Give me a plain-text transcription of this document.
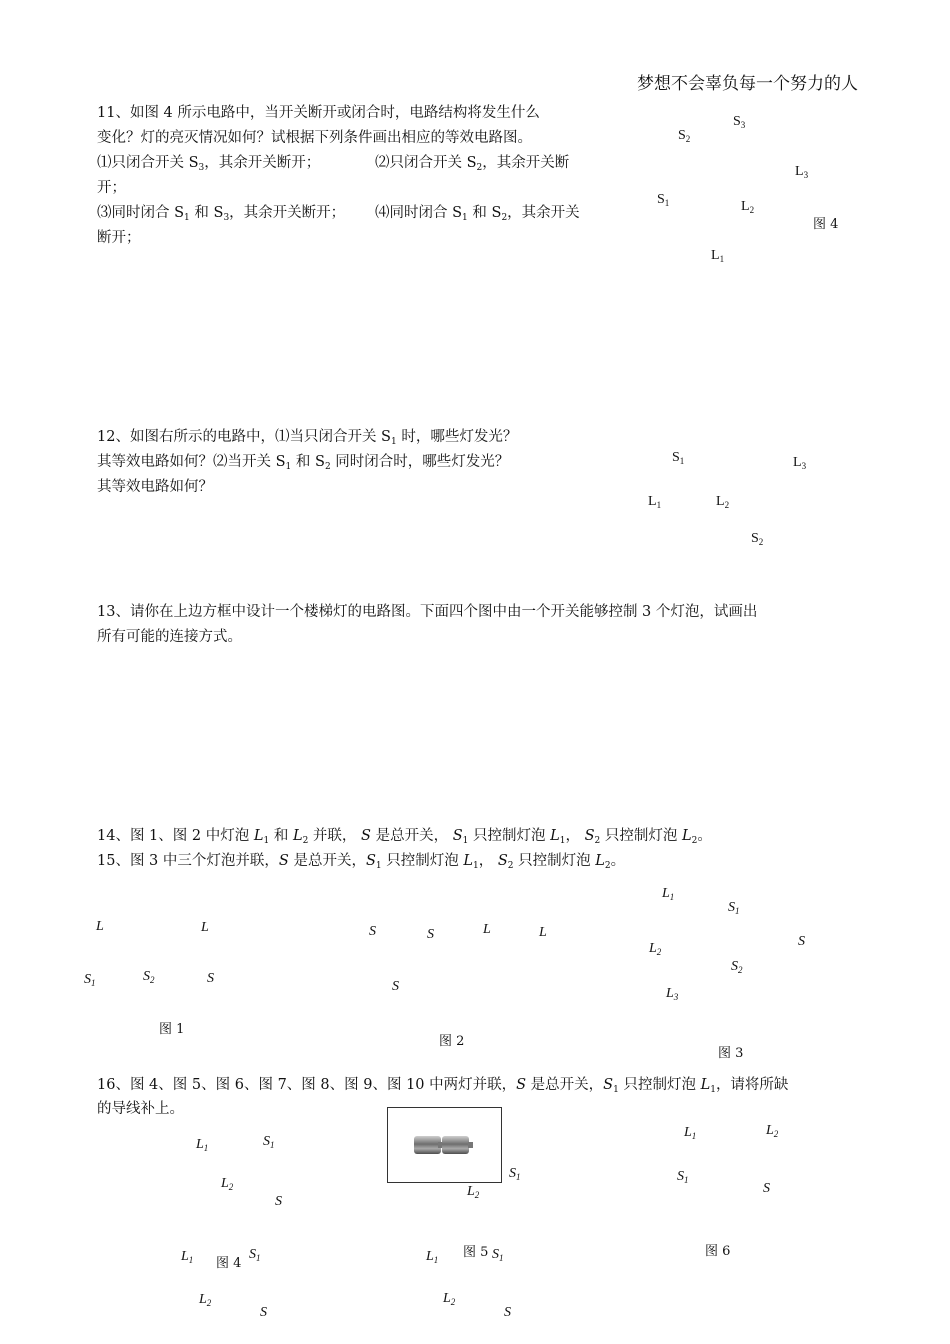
梦想不会辜负每一个努力的人
11、如图 4 所示电路中，当开关断开或闭合时，电路结构将发生什么
变化？灯的亮灭情况如何？试根据下列条件画出相应的等效电路图。
⑴只闭合开关 $S_3$，其余开关断开；	⑵只闭合开关 $S_2$，其余开关断
开；
⑶同时闭合 $S_1$ 和 $S_3$，其余开关断开； ⑷同时闭合 $S_1$ 和 $S_2$，其余开关
断开；
$S_3$
$S_2$
$L_3$
$S_1$	$L_2$
图 4
$L_1$
12、如图右所示的电路中，⑴当只闭合开关 $S_1$ 时，哪些灯发光？
其等效电路如何？⑵当开关 $S_1$ 和 $S_2$ 同时闭合时，哪些灯发光？
其等效电路如何？
$S_1$	$L_3$
$L_1$	$L_2$
$S_2$
13、请你在上边方框中设计一个楼梯灯的电路图。下面四个图中由一个开关能够控制 3 个灯泡，试画出
所有可能的连接方式。
14、图 1、图 2 中灯泡 $L_1$ 和 $L_2$ 并联， S 是总开关， $S_1$ 只控制灯泡 $L_1$， $S_2$ 只控制灯泡 $L_2$。
15、图 3 中三个灯泡并联，S 是总开关，$S_1$ 只控制灯泡 $L_1$， $S_2$ 只控制灯泡 $L_2$。
L	L
$S_1$	$S_2$	S
图 1
S	S	L	L
S
图 2
$L_1$
$S_1$
S
$L_2$
$S_2$
$L_3$
图 3
16、图 4、图 5、图 6、图 7、图 8、图 9、图 10 中两灯并联，S 是总开关，$S_1$ 只控制灯泡 $L_1$，请将所缺
的导线补上。
$L_1$	$S_1$
$L_2$
S
$S_1$
$L_2$
图 5 $S_1$
$L_1$	$L_2$
$S_1$
S
图 6
$L_1$ 图 4
$S_1$
$L_2$
S
$L_1$
$L_2$
S
